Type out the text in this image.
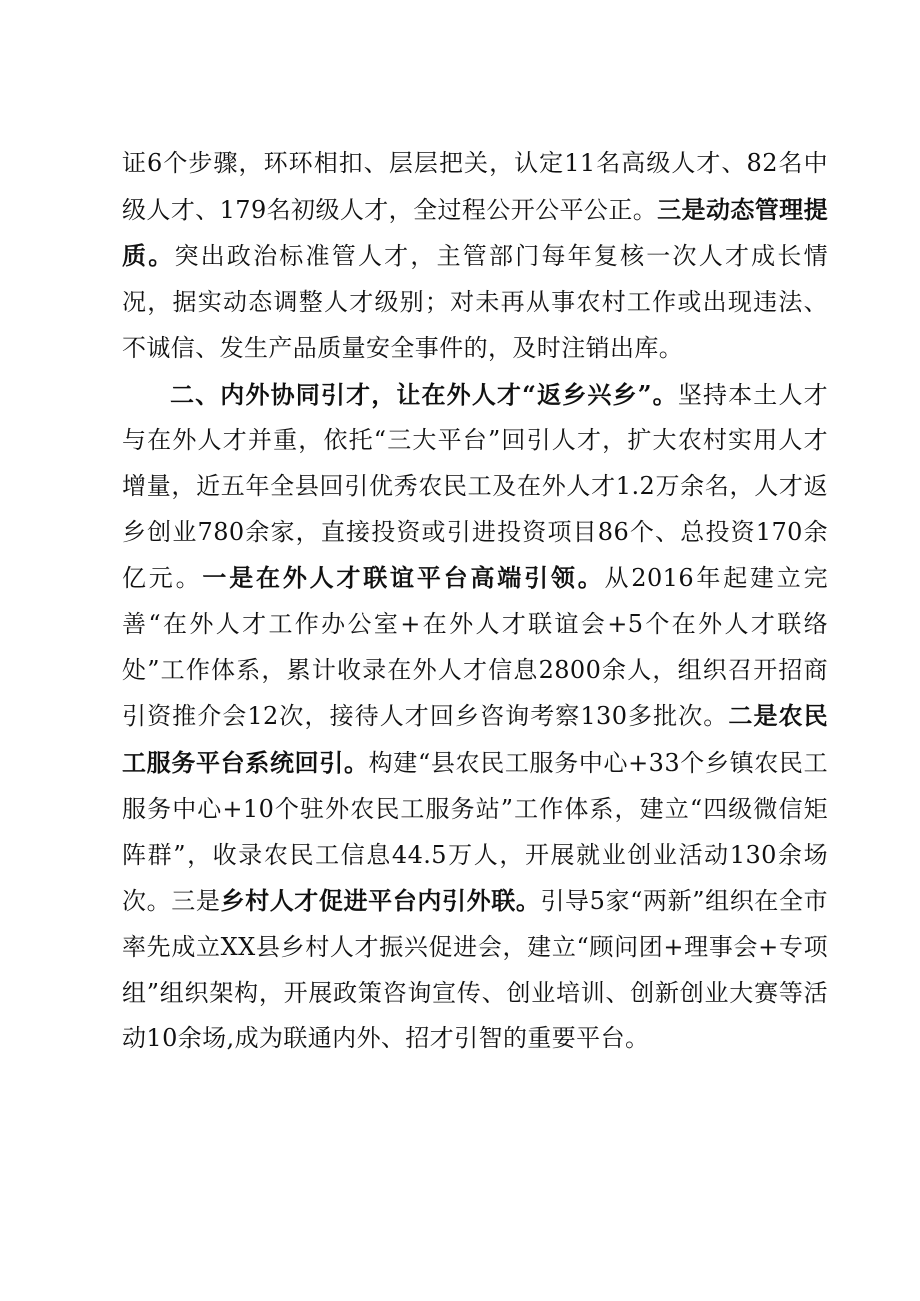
证6个步骤，环环相扣、层层把关，认定11名高级人才、82名中级人才、179名初级人才，全过程公开公平公正。三是动态管理提质。突出政治标准管人才，主管部门每年复核一次人才成长情况，据实动态调整人才级别；对未再从事农村工作或出现违法、不诚信、发生产品质量安全事件的，及时注销出库。

二、内外协同引才，让在外人才“返乡兴乡”。坚持本土人才与在外人才并重，依托“三大平台”回引人才，扩大农村实用人才增量，近五年全县回引优秀农民工及在外人才1.2万余名，人才返乡创业780余家，直接投资或引进投资项目86个、总投资170余亿元。一是在外人才联谊平台高端引领。从2016年起建立完善“在外人才工作办公室+在外人才联谊会+5个在外人才联络处”工作体系，累计收录在外人才信息2800余人，组织召开招商引资推介会12次，接待人才回乡咨询考察130多批次。二是农民工服务平台系统回引。构建“县农民工服务中心+33个乡镇农民工服务中心+10个驻外农民工服务站”工作体系，建立“四级微信矩阵群”，收录农民工信息44.5万人，开展就业创业活动130余场次。三是乡村人才促进平台内引外联。引导5家“两新”组织在全市率先成立XX县乡村人才振兴促进会，建立“顾问团+理事会+专项组”组织架构，开展政策咨询宣传、创业培训、创新创业大赛等活动10余场,成为联通内外、招才引智的重要平台。
